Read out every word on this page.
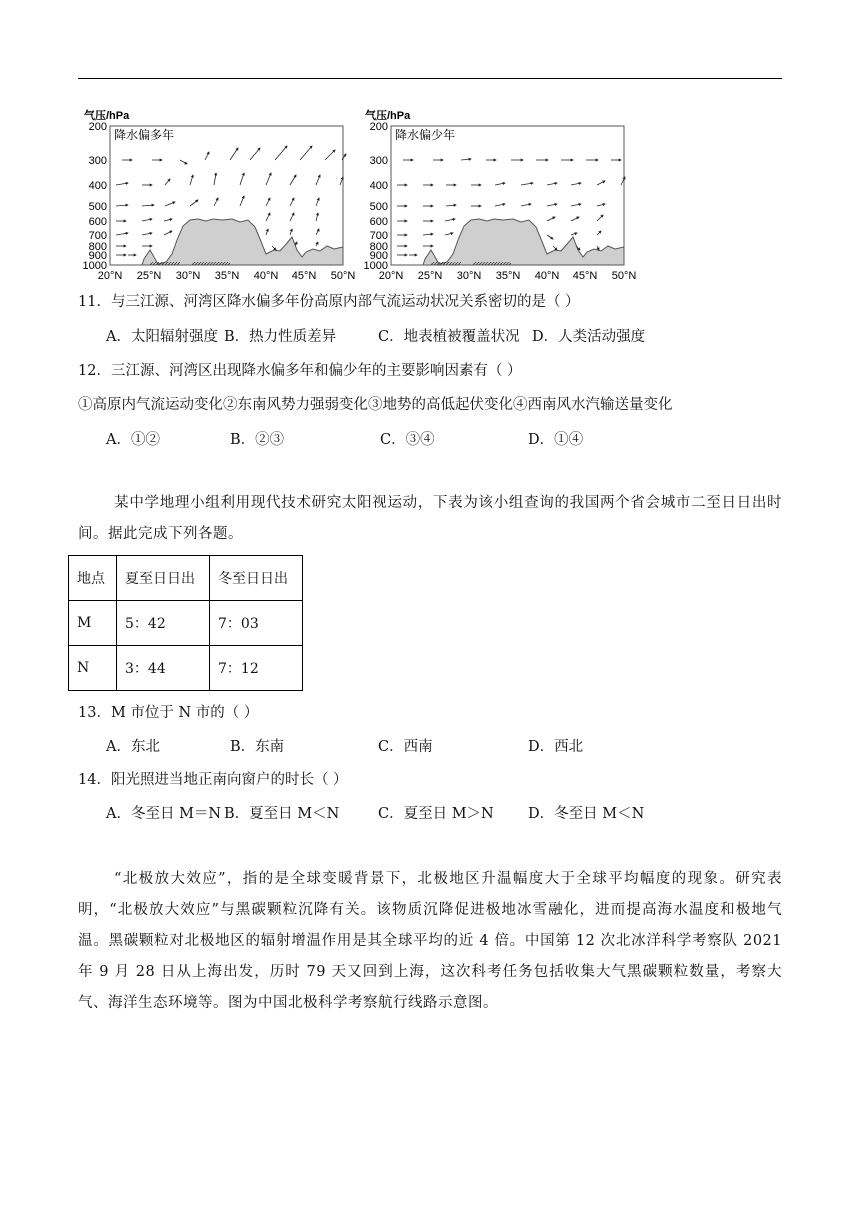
气压/hPa
降水偏多年
200
300
400
500
600
700
800
900
1000
20°N 25°N 30°N 35°N 40°N 45°N 50°N
气压/hPa
降水偏少年
200
300
400
500
600
700
800
900
1000
20°N 25°N 30°N 35°N 40°N 45°N 50°N
11．与三江源、河湾区降水偏多年份高原内部气流运动状况关系密切的是（ ）
A．太阳辐射强度 B．热力性质差异	C．地表植被覆盖状况 D．人类活动强度
12．三江源、河湾区出现降水偏多年和偏少年的主要影响因素有（ ）
①高原内气流运动变化②东南风势力强弱变化③地势的高低起伏变化④西南风水汽输送量变化
A．①②	B．②③	C．③④	D．①④
某中学地理小组利用现代技术研究太阳视运动，下表为该小组查询的我国两个省会城市二至日日出时间。据此完成下列各题。
地点	夏至日日出	冬至日日出
M	5：42	7：03
N	3：44	7：12
13．M 市位于 N 市的（ ）
A．东北	B．东南	C．西南	D．西北
14．阳光照进当地正南向窗户的时长（ ）
A．冬至日 M＝N B．夏至日 M＜N	C．夏至日 M＞N D．冬至日 M＜N
“北极放大效应”，指的是全球变暖背景下，北极地区升温幅度大于全球平均幅度的现象。研究表明，“北极放大效应”与黑碳颗粒沉降有关。该物质沉降促进极地冰雪融化，进而提高海水温度和极地气温。黑碳颗粒对北极地区的辐射增温作用是其全球平均的近 4 倍。中国第 12 次北冰洋科学考察队 2021 年 9 月 28 日从上海出发，历时 79 天又回到上海，这次科考任务包括收集大气黑碳颗粒数量，考察大气、海洋生态环境等。图为中国北极科学考察航行线路示意图。
